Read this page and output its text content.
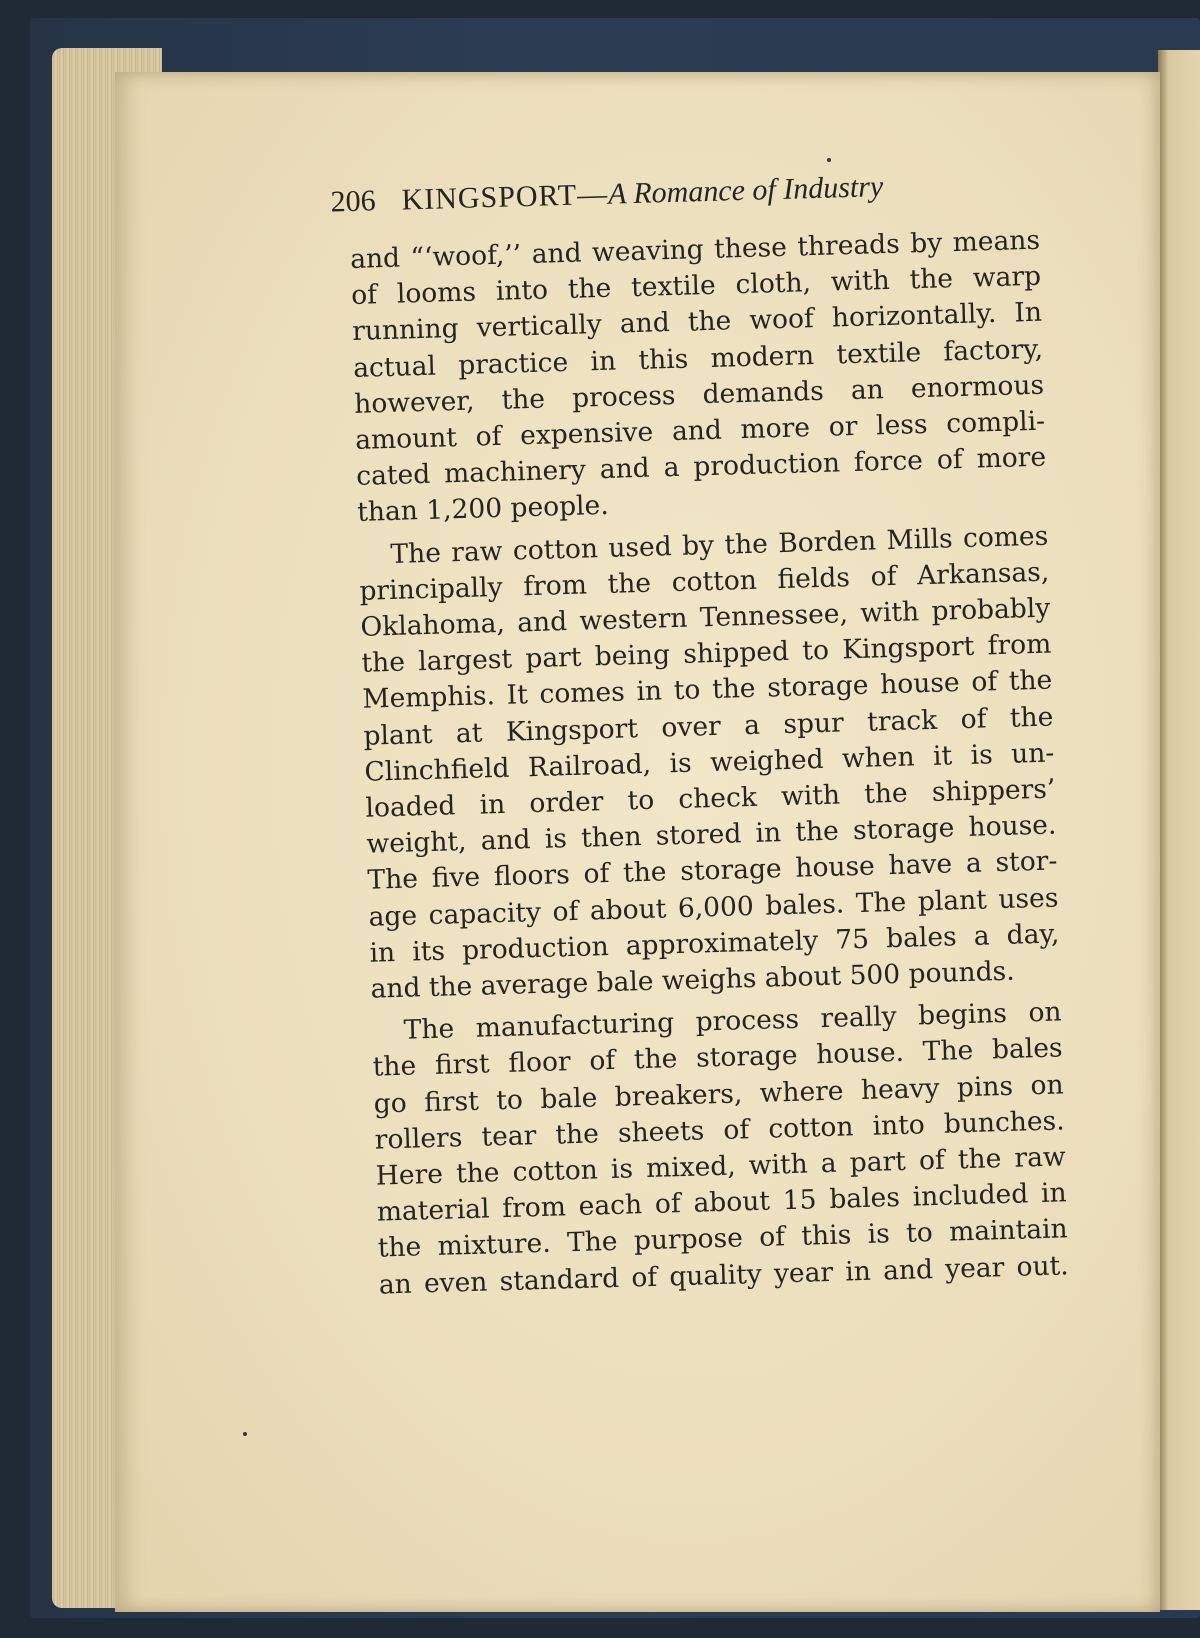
206 KINGSPORT— A Romance of Industry
and “‘woof,’’ and weaving these threads by means
of looms into the textile cloth, with the warp
running vertically and the woof horizontally. In
actual practice in this modern textile factory,
however, the process demands an enormous
amount of expensive and more or less compli-
cated machinery and a production force of more
than 1,200 people.
The raw cotton used by the Borden Mills comes
principally from the cotton fields of Arkansas,
Oklahoma, and western Tennessee, with probably
the largest part being shipped to Kingsport from
Memphis. It comes in to the storage house of the
plant at Kingsport over a spur track of the
Clinchfield Railroad, is weighed when it is un-
loaded in order to check with the shippers’
weight, and is then stored in the storage house.
The five floors of the storage house have a stor-
age capacity of about 6,000 bales. The plant uses
in its production approximately 75 bales a day,
and the average bale weighs about 500 pounds.
The manufacturing process really begins on
the first floor of the storage house. The bales
go first to bale breakers, where heavy pins on
rollers tear the sheets of cotton into bunches.
Here the cotton is mixed, with a part of the raw
material from each of about 15 bales included in
the mixture. The purpose of this is to maintain
an even standard of quality year in and year out.
